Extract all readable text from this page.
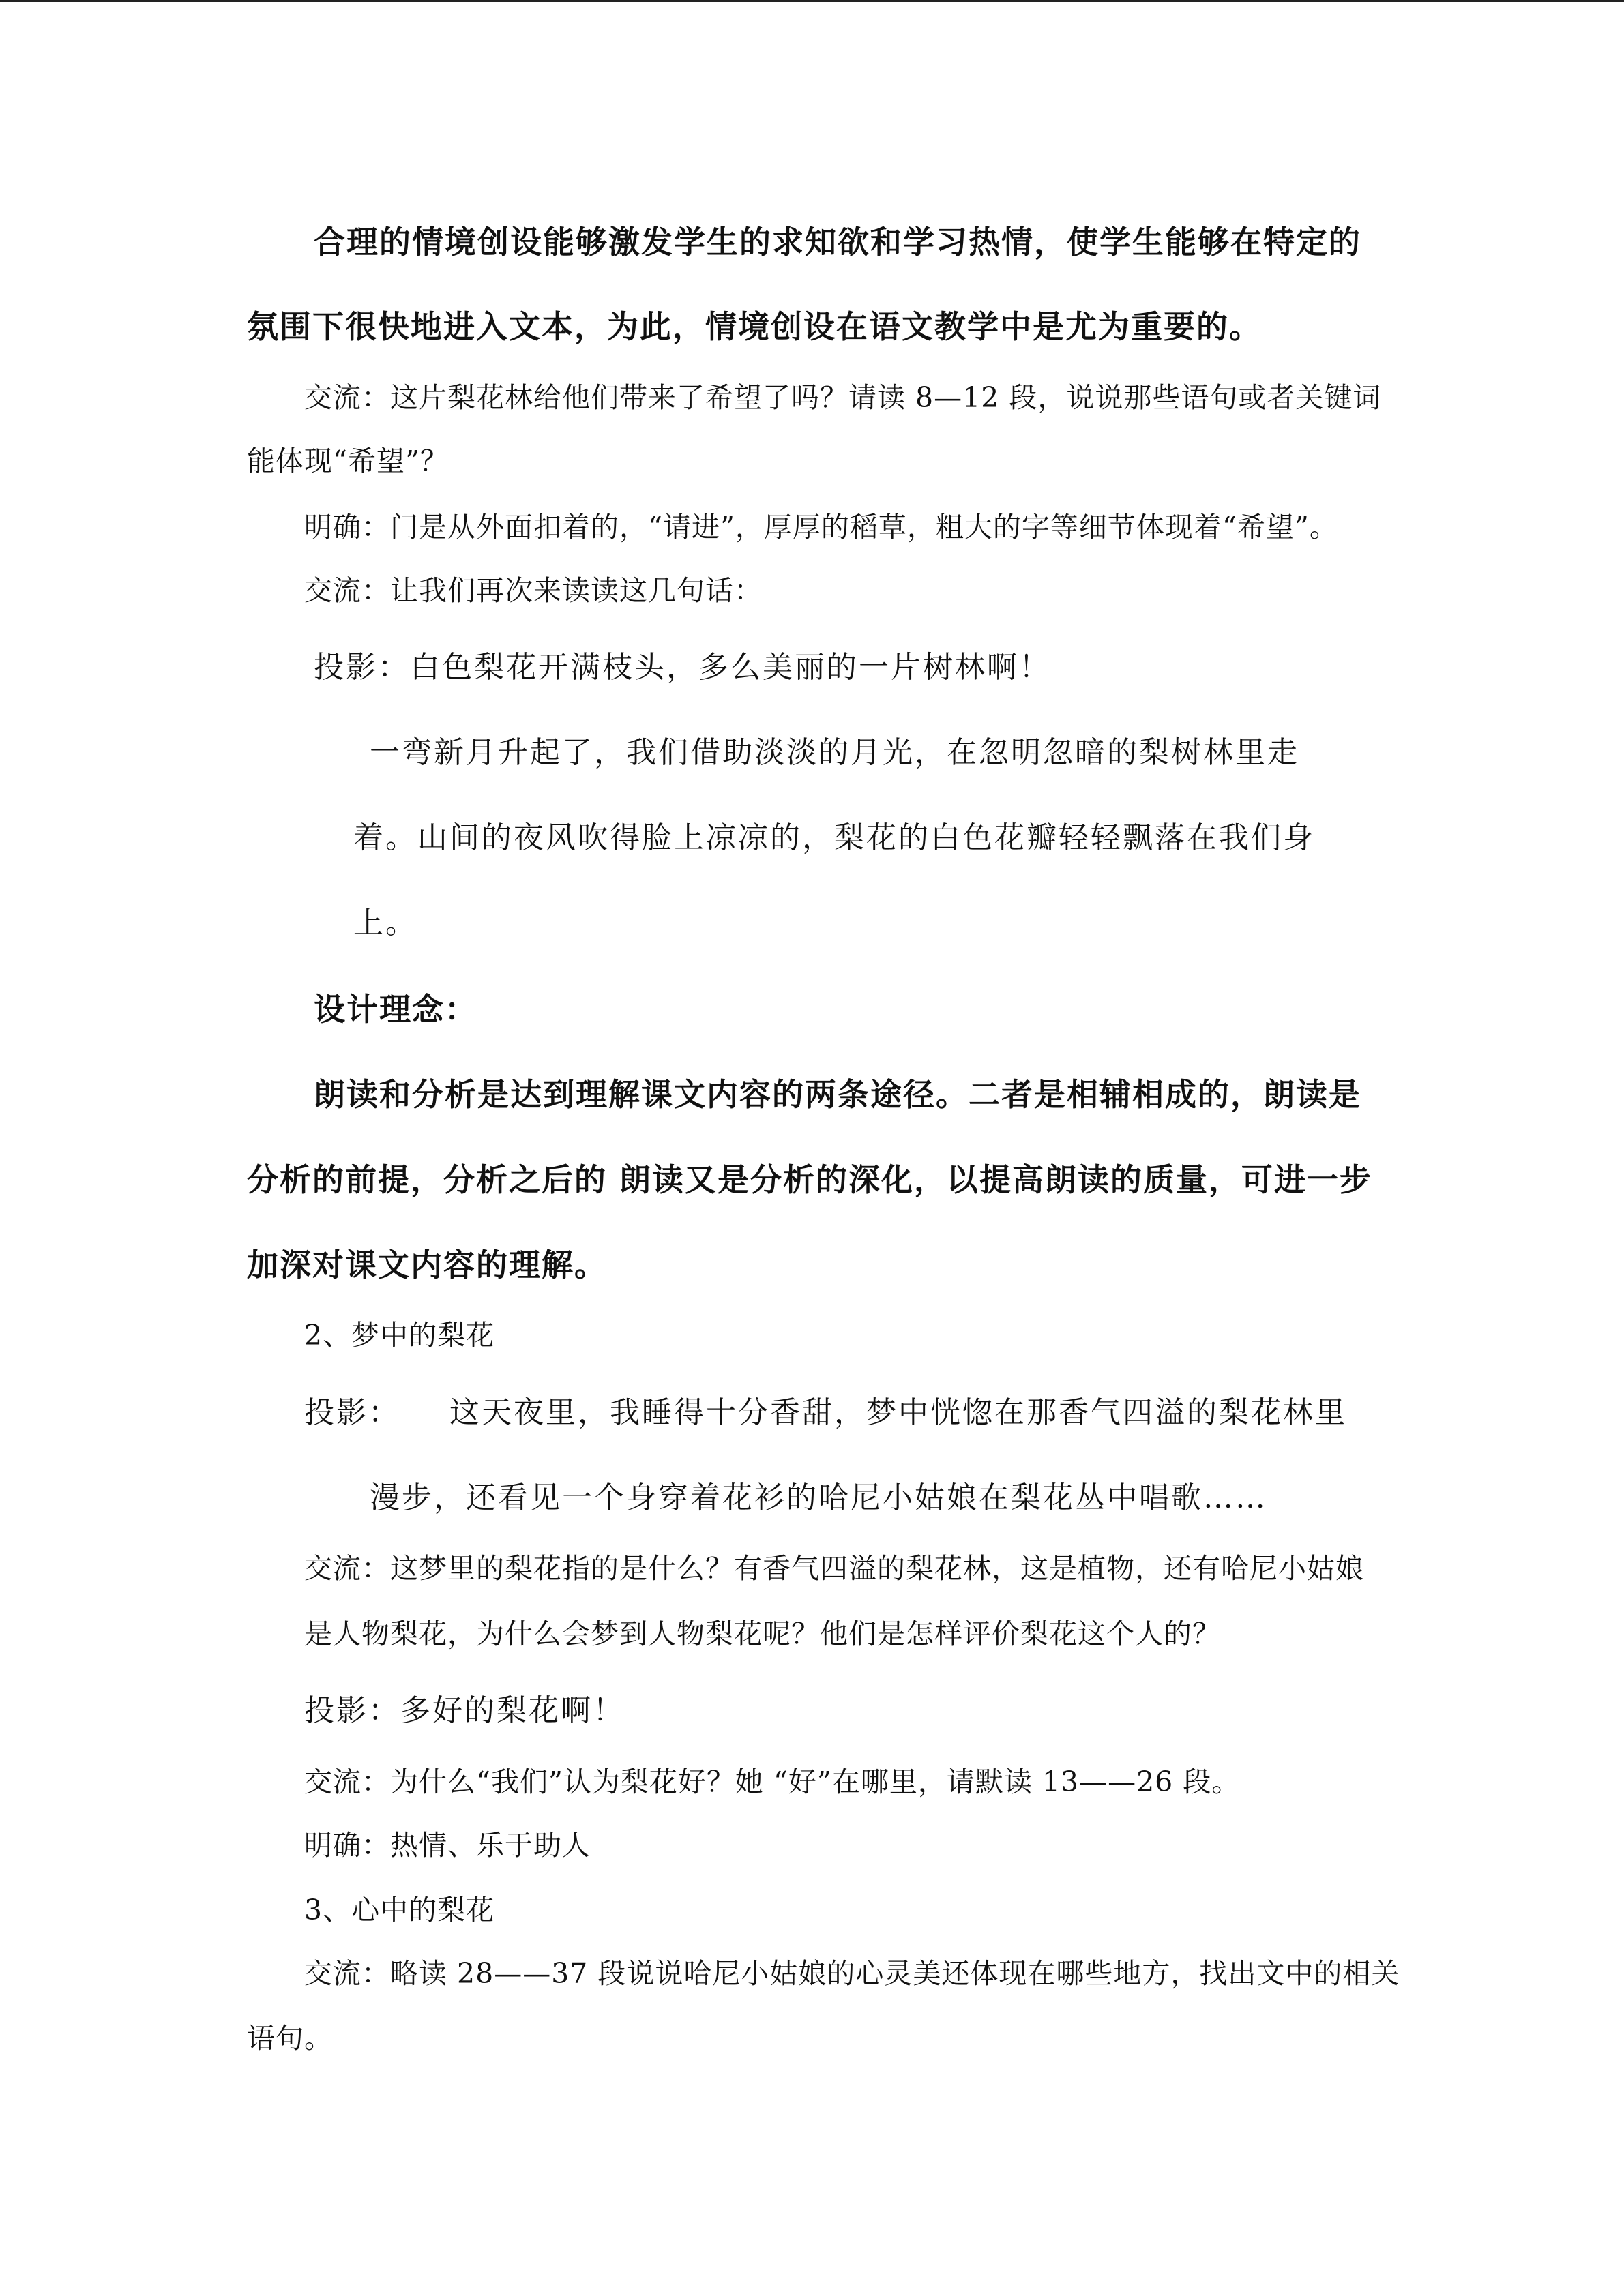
合理的情境创设能够激发学生的求知欲和学习热情，使学生能够在特定的
氛围下很快地进入文本，为此，情境创设在语文教学中是尤为重要的。
交流：这片梨花林给他们带来了希望了吗？请读 8—12 段，说说那些语句或者关键词
能体现“希望”？
明确：门是从外面扣着的，“请进”，厚厚的稻草，粗大的字等细节体现着“希望”。
交流：让我们再次来读读这几句话：
投影：白色梨花开满枝头，多么美丽的一片树林啊！
一弯新月升起了，我们借助淡淡的月光，在忽明忽暗的梨树林里走
着。山间的夜风吹得脸上凉凉的，梨花的白色花瓣轻轻飘落在我们身
上。
设计理念：
朗读和分析是达到理解课文内容的两条途径。二者是相辅相成的，朗读是
分析的前提，分析之后的 朗读又是分析的深化，以提高朗读的质量，可进一步
加深对课文内容的理解。
2、梦中的梨花
投影：　　这天夜里，我睡得十分香甜，梦中恍惚在那香气四溢的梨花林里
漫步，还看见一个身穿着花衫的哈尼小姑娘在梨花丛中唱歌……
交流：这梦里的梨花指的是什么？有香气四溢的梨花林，这是植物，还有哈尼小姑娘
是人物梨花，为什么会梦到人物梨花呢？他们是怎样评价梨花这个人的？
投影：多好的梨花啊！
交流：为什么“我们”认为梨花好？她 “好”在哪里，请默读 13——26 段。
明确：热情、乐于助人
3、心中的梨花
交流：略读 28——37 段说说哈尼小姑娘的心灵美还体现在哪些地方，找出文中的相关
语句。
